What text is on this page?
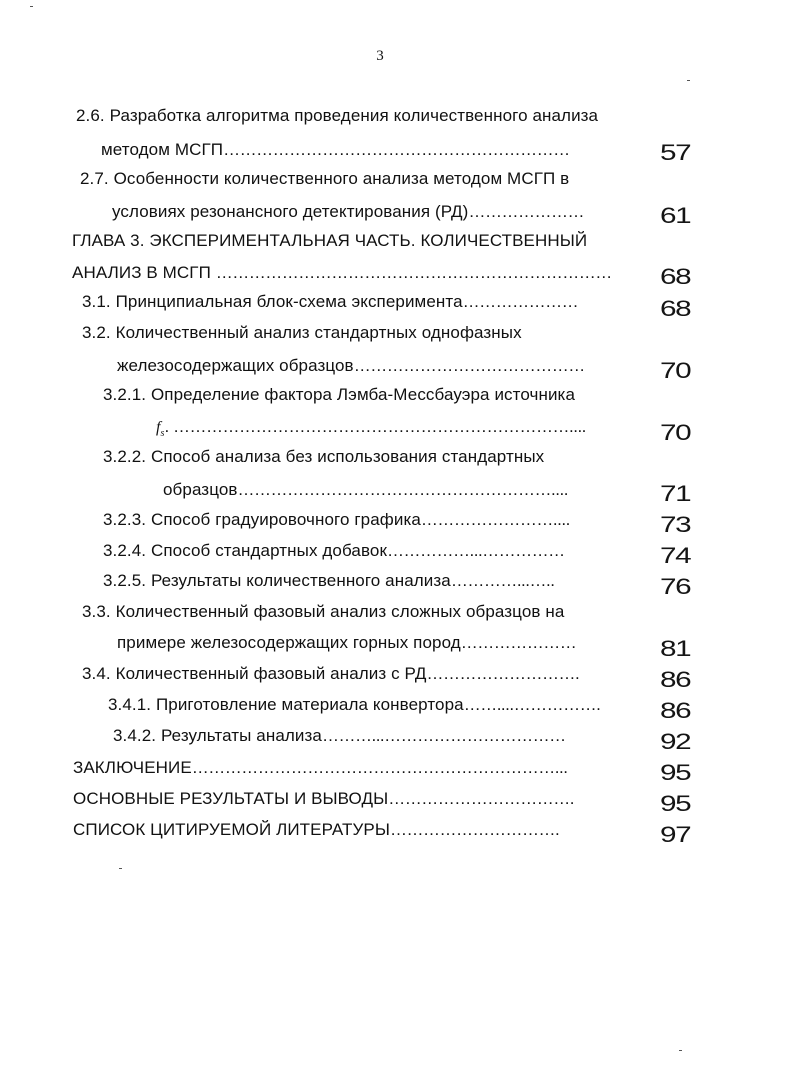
3
2.6. Разработка алгоритма проведения количественного анализа
методом МСГП………………………………………………………	57
2.7. Особенности количественного анализа методом МСГП в
условиях резонансного детектирования (РД)…………………	61
ГЛАВА 3. ЭКСПЕРИМЕНТАЛЬНАЯ ЧАСТЬ. КОЛИЧЕСТВЕННЫЙ
АНАЛИЗ В МСГП ……………………………………………………………… 68
3.1. Принципиальная блок-схема эксперимента…………………	68
3.2. Количественный анализ стандартных однофазных
железосодержащих образцов……………………………………	70
3.2.1. Определение фактора Лэмба-Мессбауэра источника
$f_s$. ………………………………………………………………....	70
3.2.2. Способ анализа без использования стандартных
образцов…………………………………………………....	71
3.2.3. Способ градуировочного графика……………………....	73
3.2.4. Способ стандартных добавок……………...……………	74
3.2.5. Результаты количественного анализа…………...…..	76
3.3. Количественный фазовый анализ сложных образцов на
примере железосодержащих горных пород…………………	81
3.4. Количественный фазовый анализ с РД……………………….	86
3.4.1. Приготовление материала конвертора……....…………….	86
3.4.2. Результаты анализа………...……………………………	92
ЗАКЛЮЧЕНИЕ…………………………………………………………...	95
ОСНОВНЫЕ РЕЗУЛЬТАТЫ И ВЫВОДЫ…………………………….	95
СПИСОК ЦИТИРУЕМОЙ ЛИТЕРАТУРЫ………………………….	97
